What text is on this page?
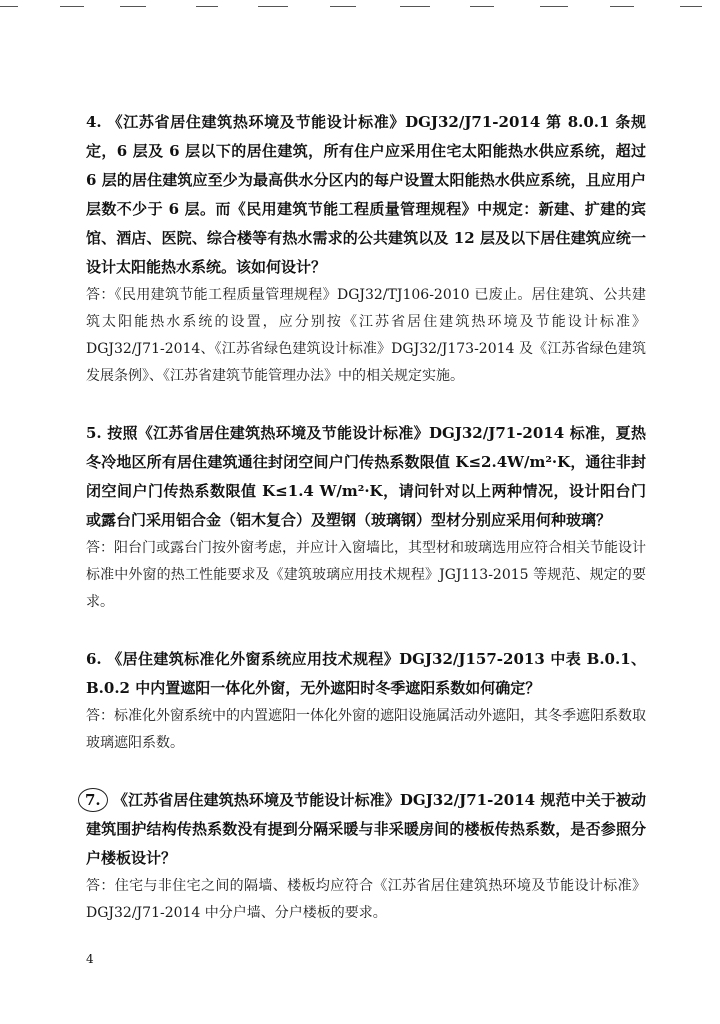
4. 《江苏省居住建筑热环境及节能设计标准》DGJ32/J71-2014 第 8.0.1 条规定，6 层及 6 层以下的居住建筑，所有住户应采用住宅太阳能热水供应系统，超过 6 层的居住建筑应至少为最高供水分区内的每户设置太阳能热水供应系统，且应用户层数不少于 6 层。而《民用建筑节能工程质量管理规程》中规定：新建、扩建的宾馆、酒店、医院、综合楼等有热水需求的公共建筑以及 12 层及以下居住建筑应统一设计太阳能热水系统。该如何设计？

答：《民用建筑节能工程质量管理规程》DGJ32/TJ106-2010 已废止。居住建筑、公共建筑太阳能热水系统的设置，应分别按《江苏省居住建筑热环境及节能设计标准》DGJ32/J71-2014、《江苏省绿色建筑设计标准》DGJ32/J173-2014 及《江苏省绿色建筑发展条例》、《江苏省建筑节能管理办法》中的相关规定实施。

5. 按照《江苏省居住建筑热环境及节能设计标准》DGJ32/J71-2014 标准，夏热冬冷地区所有居住建筑通往封闭空间户门传热系数限值 K≤2.4W/m²·K，通往非封闭空间户门传热系数限值 K≤1.4 W/m²·K，请问针对以上两种情况，设计阳台门或露台门采用铝合金（铝木复合）及塑钢（玻璃钢）型材分别应采用何种玻璃？

答：阳台门或露台门按外窗考虑，并应计入窗墙比，其型材和玻璃选用应符合相关节能设计标准中外窗的热工性能要求及《建筑玻璃应用技术规程》JGJ113-2015 等规范、规定的要求。

6. 《居住建筑标准化外窗系统应用技术规程》DGJ32/J157-2013 中表 B.0.1、B.0.2 中内置遮阳一体化外窗，无外遮阳时冬季遮阳系数如何确定？

答：标准化外窗系统中的内置遮阳一体化外窗的遮阳设施属活动外遮阳，其冬季遮阳系数取玻璃遮阳系数。

7. 《江苏省居住建筑热环境及节能设计标准》DGJ32/J71-2014 规范中关于被动建筑围护结构传热系数没有提到分隔采暖与非采暖房间的楼板传热系数，是否参照分户楼板设计？

答：住宅与非住宅之间的隔墙、楼板均应符合《江苏省居住建筑热环境及节能设计标准》DGJ32/J71-2014 中分户墙、分户楼板的要求。

4
